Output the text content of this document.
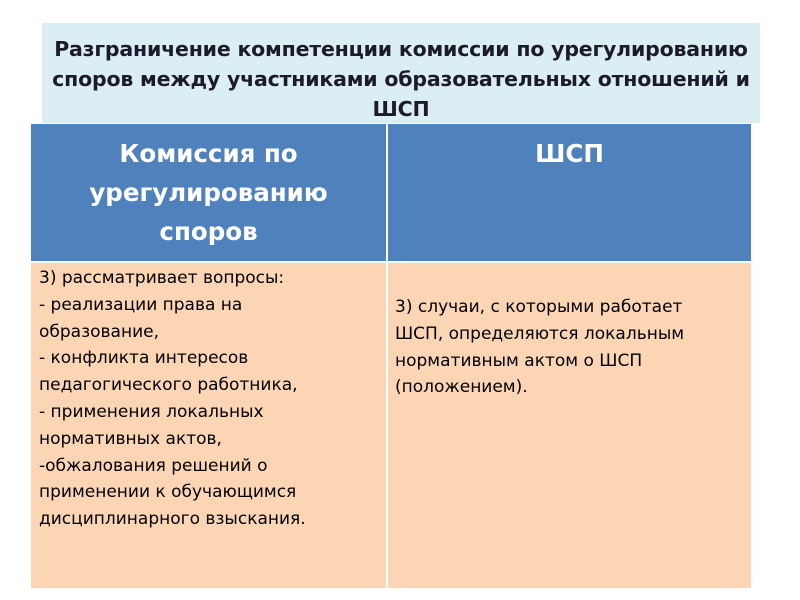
Разграничение компетенции комиссии по урегулированию
споров между участниками образовательных отношений и
ШСП
Комиссия по
урегулированию
споров
ШСП
3) рассматривает вопросы:
- реализации права на
образование,
- конфликта интересов
педагогического работника,
- применения локальных
нормативных актов,
-обжалования решений о
применении к обучающимся
дисциплинарного взыскания.
3) случаи, с которыми работает
ШСП, определяются локальным
нормативным актом о ШСП
(положением).
